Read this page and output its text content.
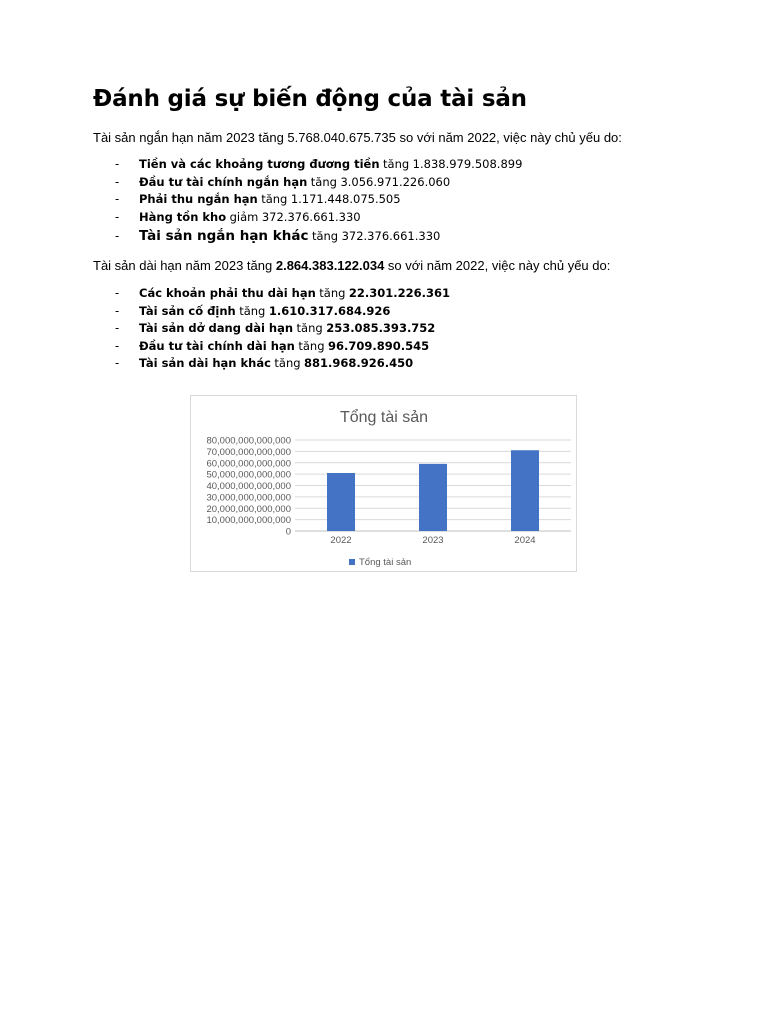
Đánh giá sự biến động của tài sản

Tài sản ngắn hạn năm 2023 tăng 5.768.040.675.735 so với năm 2022, việc này chủ yếu do:

- Tiền và các khoảng tương đương tiền tăng 1.838.979.508.899
- Đầu tư tài chính ngắn hạn tăng 3.056.971.226.060
- Phải thu ngắn hạn tăng 1.171.448.075.505
- Hàng tồn kho giảm 372.376.661.330
- Tài sản ngắn hạn khác tăng 372.376.661.330

Tài sản dài hạn năm 2023 tăng 2.864.383.122.034 so với năm 2022, việc này chủ yếu do:

- Các khoản phải thu dài hạn tăng 22.301.226.361
- Tài sản cố định tăng 1.610.317.684.926
- Tài sản dở dang dài hạn tăng 253.085.393.752
- Đầu tư tài chính dài hạn tăng 96.709.890.545
- Tài sản dài hạn khác tăng 881.968.926.450
Tổng tài sản
0
10,000,000,000,000
20,000,000,000,000
30,000,000,000,000
40,000,000,000,000
50,000,000,000,000
60,000,000,000,000
70,000,000,000,000
80,000,000,000,000
2022	2023	2024
Tổng tài sản
